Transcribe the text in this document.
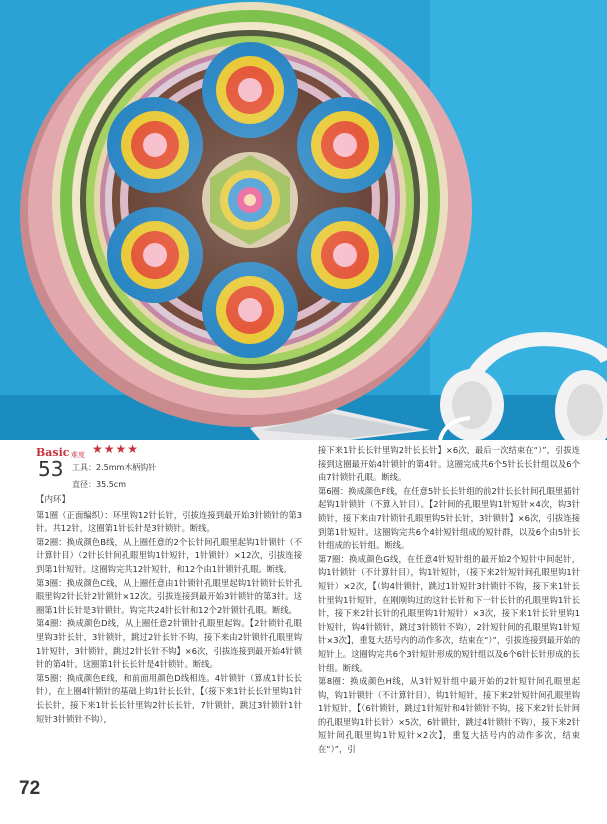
Basic 难度 ★★★★
53 工具：2.5mm木柄钩针
直径：35.5cm

【内环】

第1圈（正面编织）：环里钩12针长针，引拔连接到最开始3针锁针的第3针。共12针，这圈第1针长针是3针锁针。断线。

第2圈：换成颜色B线，从上圈任意的2个长针间孔眼里起钩1针锁针（不计算针目）（2针长针间孔眼里钩1针短针，1针锁针）×12次，引拔连接到第1针短针。这圈钩完共12针短针，和12个由1针锁针孔眼。断线。

第3圈：换成颜色C线，从上圈任意由1针锁针孔眼里起钩1针锁针长针孔眼里钩2针长针2针锁针×12次。引拔连接到最开始3针锁针的第3针。这圈第1针长针是3针锁针。钩完共24针长针和12个2针锁针孔眼。断线。

第4圈：换成颜色D线，从上圈任意2针锁针孔眼里起钩。【2针锁针孔眼里钩3针长针，3针锁针，跳过2针长针不钩，接下来由2针锁针孔眼里钩1针短针，3针锁针，跳过2针长针不钩】×6次，引拔连接到最开始4针锁针的第4针。这圈第1针长长针是4针锁针。断线。

第5圈：换成颜色E线，和前面用颜色D线相连。4针锁针（算成1针长长针），在上圈4针锁针的基础上钩1针长长针，【（接下来1针长长针里钩1针长长针，接下来1针长长针里钩2针长长针，7针锁针，跳过3针锁针1针短针3针锁针不钩），

接下来1针长长针里钩2针长长针】×6次，最后一次结束在“）”，引拔连接到这圈最开始4针锁针的第4针。这圈完成共6个5针长长针组以及6个由7针锁针孔眼。断线。

第6圈：换成颜色F线，在任意5针长长针组的前2针长长针间孔眼里插针起钩1针锁针（不算入针目）。【2针间的孔眼里钩1针短针×4次，钩3针锁针，接下来由7针锁针孔眼里钩5针长针，3针锁针】×6次，引拔连接到第1针短针。这圈钩完共6个4针短针组成的短针群，以及6个由5针长针组成的长针组。断线。

第7圈：换成颜色G线，在任意4针短针组的最开始2个短针中间起针，钩1针锁针（不计算针目），钩1针短针，（接下来2针短针间孔眼里钩1针短针）×2次，【（钩4针锁针，跳过1针短针3针锁针不钩，接下来1针长针里钩1针短针，在刚刚钩过的这针长针和下一针长针的孔眼里钩1针长针，接下来2针长针的孔眼里钩1针短针）×3次，接下来1针长针里钩1针短针，钩4针锁针，跳过3针锁针不钩），2针短针间的孔眼里钩1针短针×3次】，重复大括号内的动作多次，结束在“）”，引拔连接到最开始的短针上。这圈钩完共6个3针短针形成的短针组以及6个6针长针形成的长针组。断线。

第8圈：换成颜色H线，从3针短针组中最开始的2针短针间孔眼里起钩，钩1针锁针（不计算针目），钩1针短针，接下来2针短针间孔眼里钩1针短针，【（6针锁针，跳过1针短针和4针锁针不钩，接下来2针长针间的孔眼里钩1针长针）×5次，6针锁针，跳过4针锁针不钩），接下来2针短针间孔眼里钩1针短针×2次】，重复大括号内的动作多次，结束在“）”，引

72
